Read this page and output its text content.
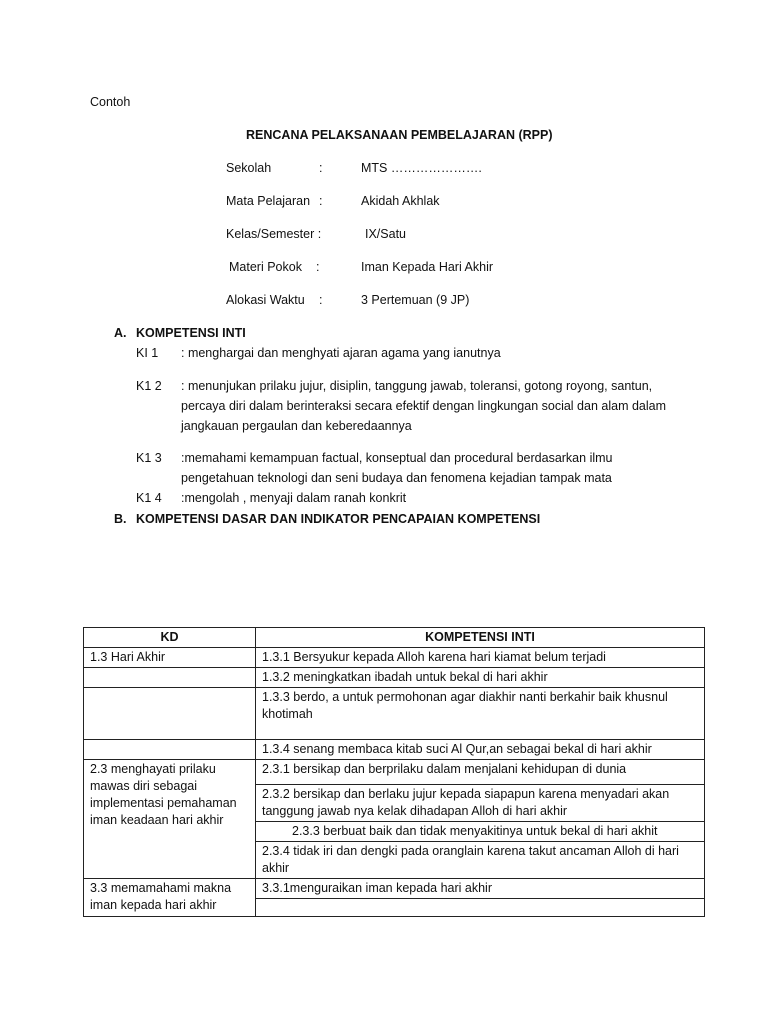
Contoh
RENCANA PELAKSANAAN PEMBELAJARAN (RPP)
Sekolah	:	MTS ………………….
Mata Pelajaran :	Akidah Akhlak
Kelas/Semester :	IX/Satu
Materi Pokok :	Iman Kepada Hari Akhir
Alokasi Waktu :	3 Pertemuan (9 JP)
A. KOMPETENSI INTI
KI 1 : menghargai dan menghyati ajaran agama yang ianutnya
K1 2 : menunjukan prilaku jujur, disiplin, tanggung jawab, toleransi, gotong royong, santun,
percaya diri dalam berinteraksi secara efektif dengan lingkungan social dan alam dalam
jangkauan pergaulan dan keberedaannya
K1 3 :memahami kemampuan factual, konseptual dan procedural berdasarkan ilmu
pengetahuan teknologi dan seni budaya dan fenomena kejadian tampak mata
K1 4 :mengolah , menyaji dalam ranah konkrit
B. KOMPETENSI DASAR DAN INDIKATOR PENCAPAIAN KOMPETENSI
KD	KOMPETENSI INTI
1.3 Hari Akhir	1.3.1 Bersyukur kepada Alloh karena hari kiamat belum terjadi
	1.3.2 meningkatkan ibadah untuk bekal di hari akhir
	1.3.3 berdo, a untuk permohonan agar diakhir nanti berkahir baik khusnul khotimah
	1.3.4 senang membaca kitab suci Al Qur,an sebagai bekal di hari akhir
2.3 menghayati prilaku mawas diri sebagai implementasi pemahaman iman keadaan hari akhir	2.3.1 bersikap dan berprilaku dalam menjalani kehidupan di dunia
	2.3.2 bersikap dan berlaku jujur kepada siapapun karena menyadari akan tanggung jawab nya kelak dihadapan Alloh di hari akhir
	2.3.3 berbuat baik dan tidak menyakitinya untuk bekal di hari akhit
	2.3.4 tidak iri dan dengki pada oranglain karena takut ancaman Alloh di hari akhir
3.3 memamahami makna iman kepada hari akhir	3.3.1menguraikan iman kepada hari akhir
